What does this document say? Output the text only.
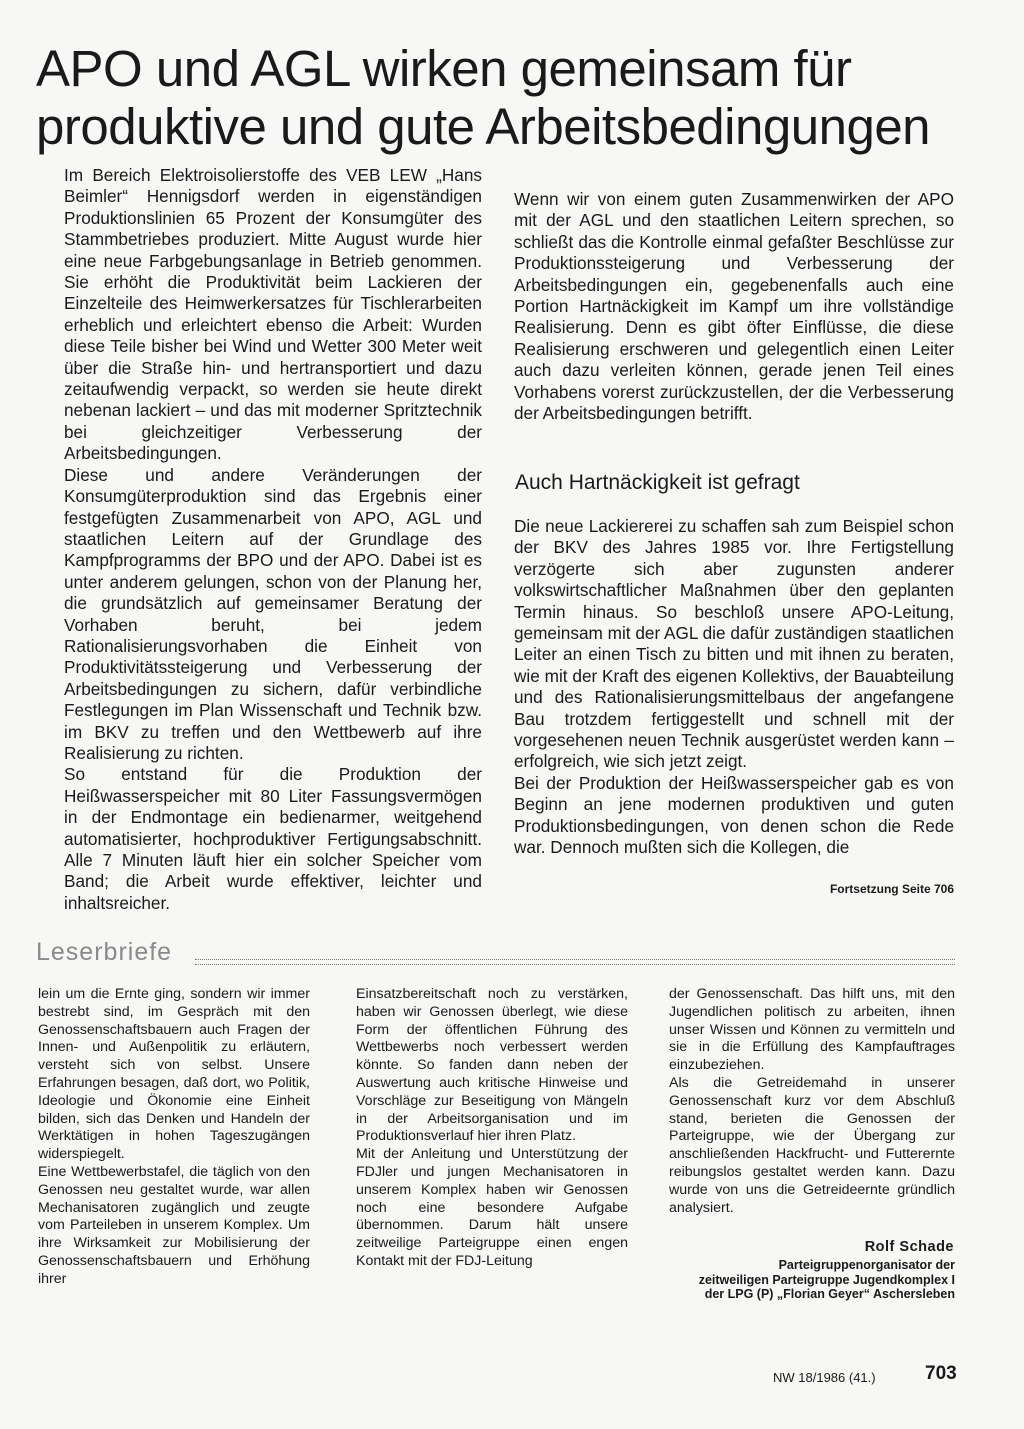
APO und AGL wirken gemeinsam für
produktive und gute Arbeitsbedingungen

Im Bereich Elektroisolierstoffe des VEB LEW „Hans Beimler“ Hennigsdorf werden in eigenständigen Produktionslinien 65 Prozent der Konsumgüter des Stammbetriebes produziert. Mitte August wurde hier eine neue Farbgebungsanlage in Betrieb genommen. Sie erhöht die Produktivität beim Lackieren der Einzelteile des Heimwerkersatzes für Tischlerarbeiten erheblich und erleichtert ebenso die Arbeit: Wurden diese Teile bisher bei Wind und Wetter 300 Meter weit über die Straße hin- und hertransportiert und dazu zeitaufwendig verpackt, so werden sie heute direkt nebenan lackiert – und das mit moderner Spritztechnik bei gleichzeitiger Verbesserung der Arbeitsbedingungen.

Diese und andere Veränderungen der Konsumgüterproduktion sind das Ergebnis einer festgefügten Zusammenarbeit von APO, AGL und staatlichen Leitern auf der Grundlage des Kampfprogramms der BPO und der APO. Dabei ist es unter anderem gelungen, schon von der Planung her, die grundsätzlich auf gemeinsamer Beratung der Vorhaben beruht, bei jedem Rationalisierungsvorhaben die Einheit von Produktivitätssteigerung und Verbesserung der Arbeitsbedingungen zu sichern, dafür verbindliche Festlegungen im Plan Wissenschaft und Technik bzw. im BKV zu treffen und den Wettbewerb auf ihre Realisierung zu richten.

So entstand für die Produktion der Heißwasserspeicher mit 80 Liter Fassungsvermögen in der Endmontage ein bedienarmer, weitgehend automatisierter, hochproduktiver Fertigungsabschnitt. Alle 7 Minuten läuft hier ein solcher Speicher vom Band; die Arbeit wurde effektiver, leichter und inhaltsreicher.

Wenn wir von einem guten Zusammenwirken der APO mit der AGL und den staatlichen Leitern sprechen, so schließt das die Kontrolle einmal gefaßter Beschlüsse zur Produktionssteigerung und Verbesserung der Arbeitsbedingungen ein, gegebenenfalls auch eine Portion Hartnäckigkeit im Kampf um ihre vollständige Realisierung. Denn es gibt öfter Einflüsse, die diese Realisierung erschweren und gelegentlich einen Leiter auch dazu verleiten können, gerade jenen Teil eines Vorhabens vorerst zurückzustellen, der die Verbesserung der Arbeitsbedingungen betrifft.

Auch Hartnäckigkeit ist gefragt

Die neue Lackiererei zu schaffen sah zum Beispiel schon der BKV des Jahres 1985 vor. Ihre Fertigstellung verzögerte sich aber zugunsten anderer volkswirtschaftlicher Maßnahmen über den geplanten Termin hinaus. So beschloß unsere APO-Leitung, gemeinsam mit der AGL die dafür zuständigen staatlichen Leiter an einen Tisch zu bitten und mit ihnen zu beraten, wie mit der Kraft des eigenen Kollektivs, der Bauabteilung und des Rationalisierungsmittelbaus der angefangene Bau trotzdem fertiggestellt und schnell mit der vorgesehenen neuen Technik ausgerüstet werden kann – erfolgreich, wie sich jetzt zeigt.

Bei der Produktion der Heißwasserspeicher gab es von Beginn an jene modernen produktiven und guten Produktionsbedingungen, von denen schon die Rede war. Dennoch mußten sich die Kollegen, die

Fortsetzung Seite 706
Leserbriefe

lein um die Ernte ging, sondern wir immer bestrebt sind, im Gespräch mit den Genossenschaftsbauern auch Fragen der Innen- und Außenpolitik zu erläutern, versteht sich von selbst. Unsere Erfahrungen besagen, daß dort, wo Politik, Ideologie und Ökonomie eine Einheit bilden, sich das Denken und Handeln der Werktätigen in hohen Tageszugängen widerspiegelt.

Eine Wettbewerbstafel, die täglich von den Genossen neu gestaltet wurde, war allen Mechanisatoren zugänglich und zeugte vom Parteileben in unserem Komplex. Um ihre Wirksamkeit zur Mobilisierung der Genossenschaftsbauern und Erhöhung ihrer

Einsatzbereitschaft noch zu verstärken, haben wir Genossen überlegt, wie diese Form der öffentlichen Führung des Wettbewerbs noch verbessert werden könnte. So fanden dann neben der Auswertung auch kritische Hinweise und Vorschläge zur Beseitigung von Mängeln in der Arbeitsorganisation und im Produktionsverlauf hier ihren Platz.

Mit der Anleitung und Unterstützung der FDJler und jungen Mechanisatoren in unserem Komplex haben wir Genossen noch eine besondere Aufgabe übernommen. Darum hält unsere zeitweilige Parteigruppe einen engen Kontakt mit der FDJ-Leitung

der Genossenschaft. Das hilft uns, mit den Jugendlichen politisch zu arbeiten, ihnen unser Wissen und Können zu vermitteln und sie in die Erfüllung des Kampfauftrages einzubeziehen.

Als die Getreidemahd in unserer Genossenschaft kurz vor dem Abschluß stand, berieten die Genossen der Parteigruppe, wie der Übergang zur anschließenden Hackfrucht- und Futterernte reibungslos gestaltet werden kann. Dazu wurde von uns die Getreideernte gründlich analysiert.

Rolf Schade
Parteigruppenorganisator der
zeitweiligen Parteigruppe Jugendkomplex I
der LPG (P) „Florian Geyer“ Aschersleben
NW 18/1986 (41.)	703
